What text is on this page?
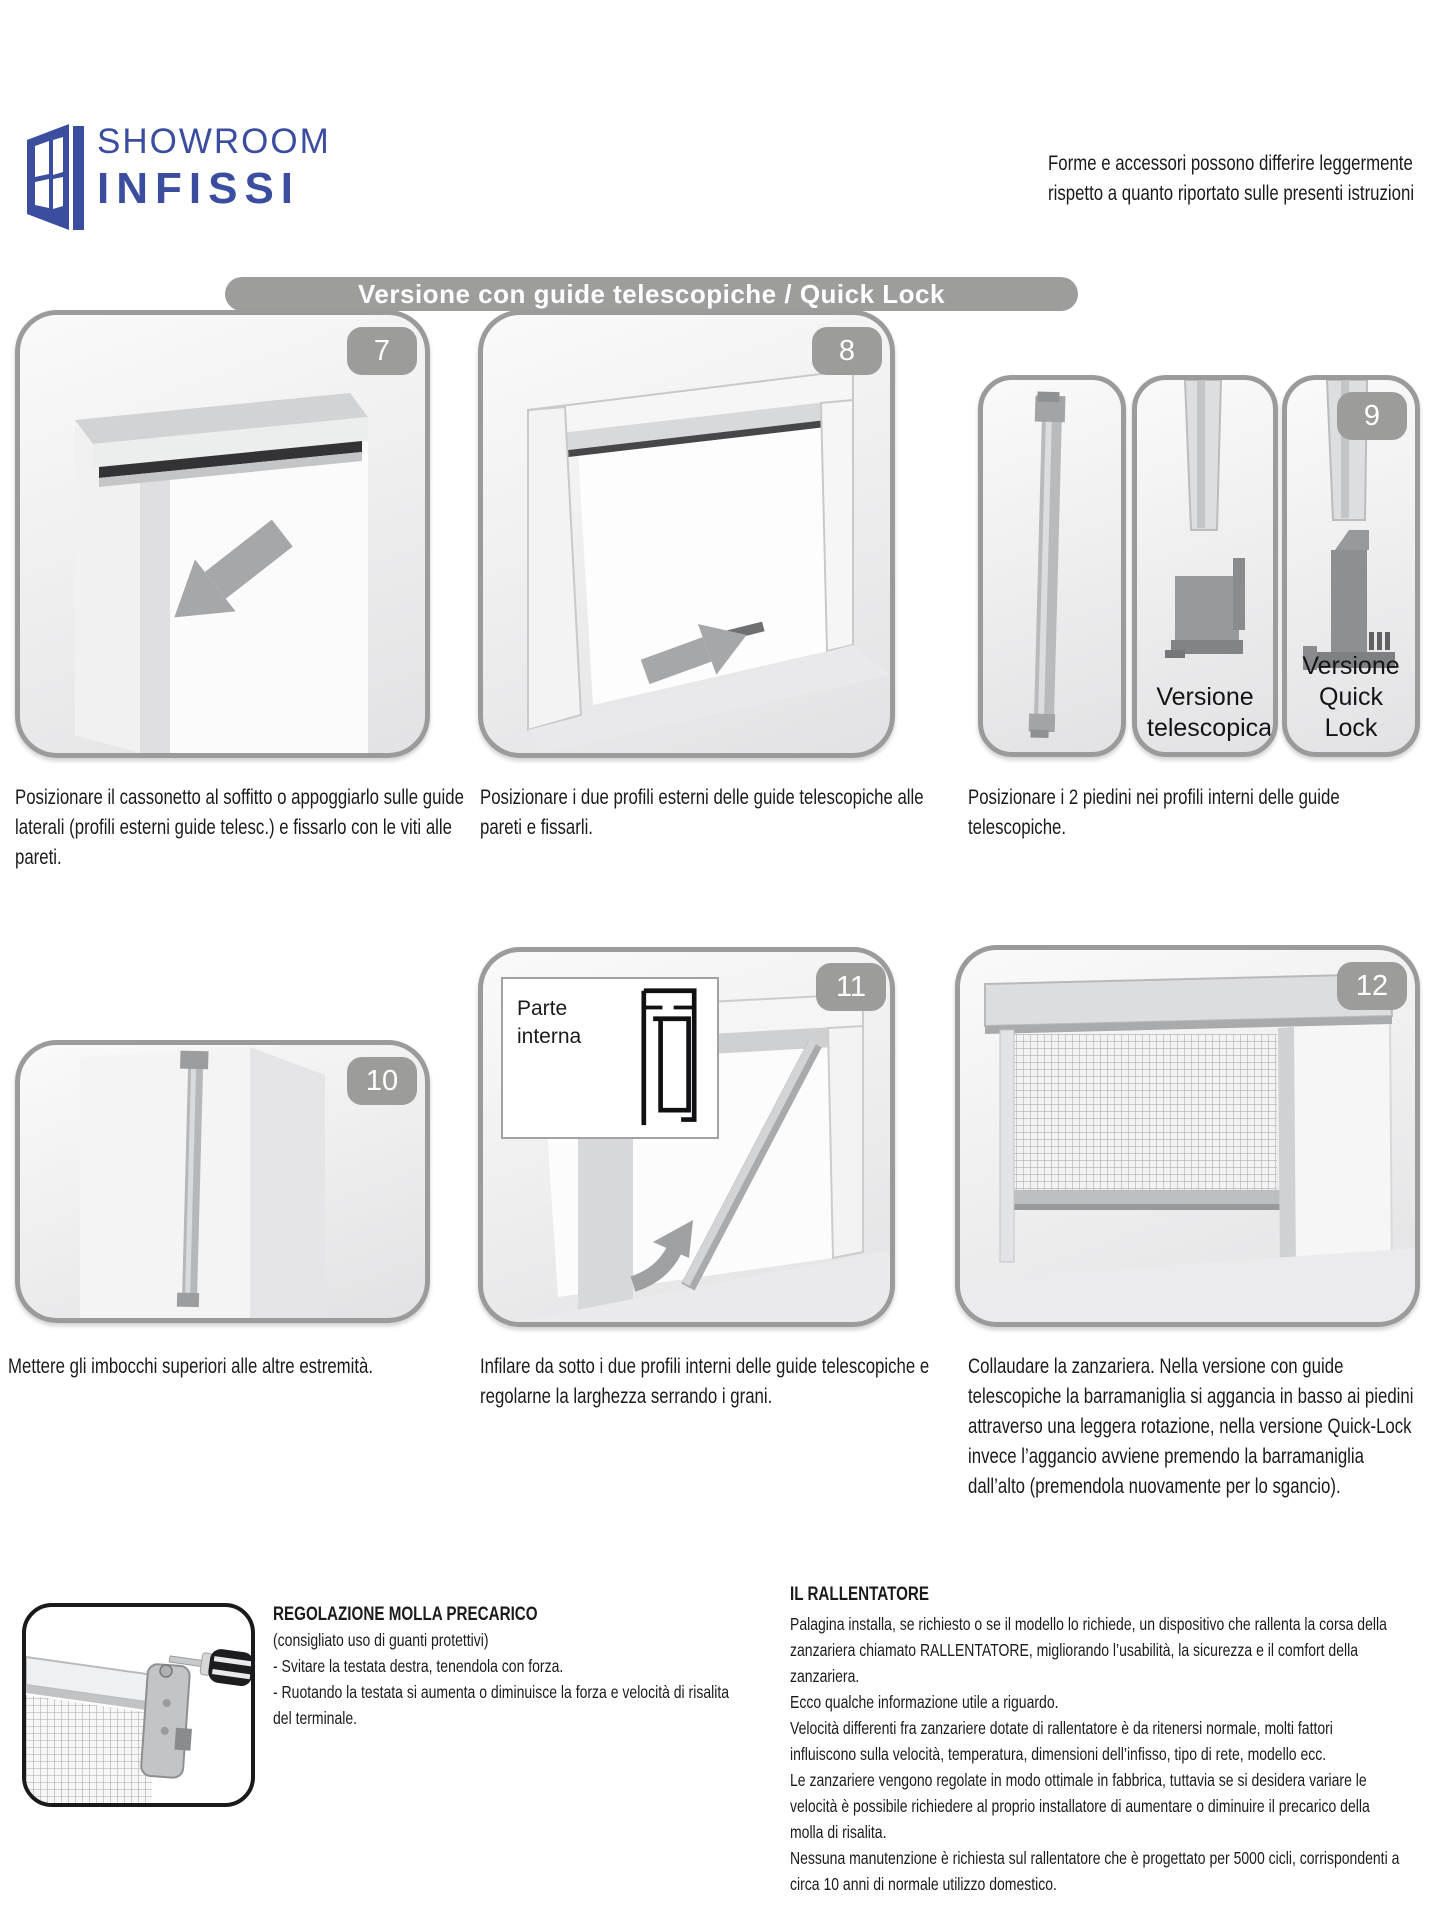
SHOWROOM
INFISSI
Forme e accessori possono differire leggermente
rispetto a quanto riportato sulle presenti istruzioni
Versione con guide telescopiche / Quick Lock
7	8
Versione telescopica
9
Versione Quick Lock
Posizionare il cassonetto al soffitto o appoggiarlo sulle guide laterali (profili esterni guide telesc.) e fissarlo con le viti alle pareti.
Posizionare i due profili esterni delle guide telescopiche alle pareti e fissarli.
Posizionare i 2 piedini nei profili interni delle guide telescopiche.
10
Parte interna
11	12
Mettere gli imbocchi superiori alle altre estremità.	Infilare da sotto i due profili interni delle guide telescopiche e regolarne la larghezza serrando i grani.
Collaudare la zanzariera. Nella versione con guide telescopiche la barramaniglia si aggancia in basso ai piedini attraverso una leggera rotazione, nella versione Quick-Lock invece l’aggancio avviene premendo la barramaniglia dall’alto (premendola nuovamente per lo sgancio).
REGOLAZIONE MOLLA PRECARICO
(consigliato uso di guanti protettivi)
- Svitare la testata destra, tenendola con forza.
- Ruotando la testata si aumenta o diminuisce la forza e velocità di risalita del terminale.
IL RALLENTATORE
Palagina installa, se richiesto o se il modello lo richiede, un dispositivo che rallenta la corsa della zanzariera chiamato RALLENTATORE, migliorando l’usabilità, la sicurezza e il comfort della zanzariera.
Ecco qualche informazione utile a riguardo.
Velocità differenti fra zanzariere dotate di rallentatore è da ritenersi normale, molti fattori influiscono sulla velocità, temperatura, dimensioni dell’infisso, tipo di rete, modello ecc.
Le zanzariere vengono regolate in modo ottimale in fabbrica, tuttavia se si desidera variare le velocità è possibile richiedere al proprio installatore di aumentare o diminuire il precarico della molla di risalita.
Nessuna manutenzione è richiesta sul rallentatore che è progettato per 5000 cicli, corrispondenti a circa 10 anni di normale utilizzo domestico.
